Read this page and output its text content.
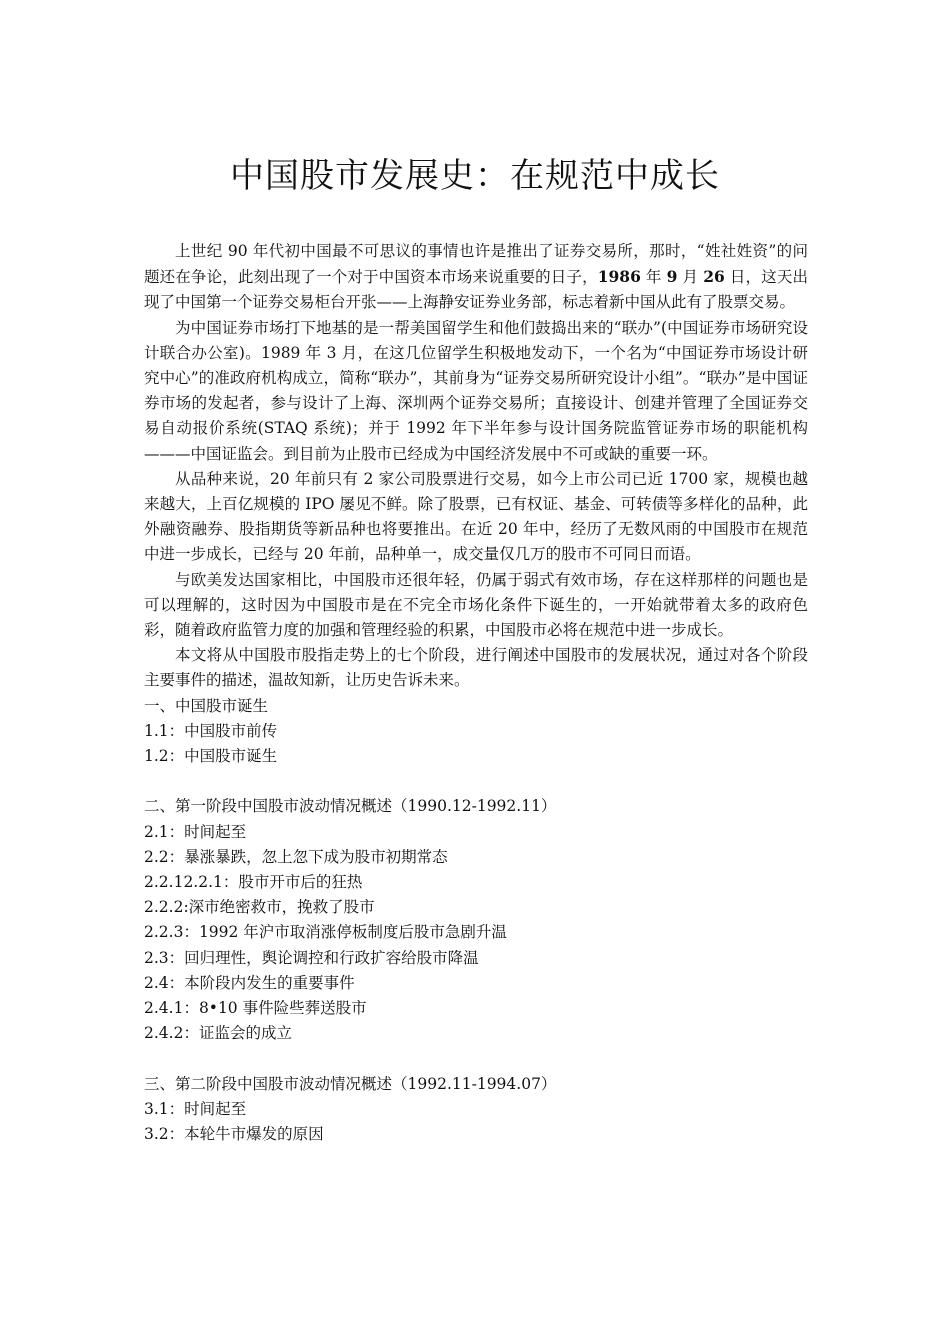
中国股市发展史：在规范中成长

上世纪 90 年代初中国最不可思议的事情也许是推出了证券交易所，那时，“姓社姓资”的问题还在争论，此刻出现了一个对于中国资本市场来说重要的日子，1986 年 9 月 26 日，这天出现了中国第一个证券交易柜台开张——上海静安证券业务部，标志着新中国从此有了股票交易。

为中国证券市场打下地基的是一帮美国留学生和他们鼓捣出来的“联办”(中国证券市场研究设计联合办公室)。1989 年 3 月，在这几位留学生积极地发动下，一个名为“中国证券市场设计研究中心”的准政府机构成立，简称“联办”，其前身为“证券交易所研究设计小组”。“联办”是中国证券市场的发起者，参与设计了上海、深圳两个证券交易所；直接设计、创建并管理了全国证券交易自动报价系统(STAQ 系统)；并于 1992 年下半年参与设计国务院监管证券市场的职能机构———中国证监会。到目前为止股市已经成为中国经济发展中不可或缺的重要一环。

从品种来说，20 年前只有 2 家公司股票进行交易，如今上市公司已近 1700 家，规模也越来越大，上百亿规模的 IPO 屡见不鲜。除了股票，已有权证、基金、可转债等多样化的品种，此外融资融券、股指期货等新品种也将要推出。在近 20 年中，经历了无数风雨的中国股市在规范中进一步成长，已经与 20 年前，品种单一，成交量仅几万的股市不可同日而语。

与欧美发达国家相比，中国股市还很年轻，仍属于弱式有效市场，存在这样那样的问题也是可以理解的，这时因为中国股市是在不完全市场化条件下诞生的，一开始就带着太多的政府色彩，随着政府监管力度的加强和管理经验的积累，中国股市必将在规范中进一步成长。

本文将从中国股市股指走势上的七个阶段，进行阐述中国股市的发展状况，通过对各个阶段主要事件的描述，温故知新，让历史告诉未来。

一、中国股市诞生

1.1：中国股市前传

1.2：中国股市诞生

二、第一阶段中国股市波动情况概述（1990.12-1992.11）

2.1：时间起至

2.2：暴涨暴跌，忽上忽下成为股市初期常态

2.2.12.2.1：股市开市后的狂热

2.2.2:深市绝密救市，挽救了股市

2.2.3：1992 年沪市取消涨停板制度后股市急剧升温

2.3：回归理性，舆论调控和行政扩容给股市降温

2.4：本阶段内发生的重要事件

2.4.1：8•10 事件险些葬送股市

2.4.2：证监会的成立

三、第二阶段中国股市波动情况概述（1992.11-1994.07）

3.1：时间起至

3.2：本轮牛市爆发的原因
